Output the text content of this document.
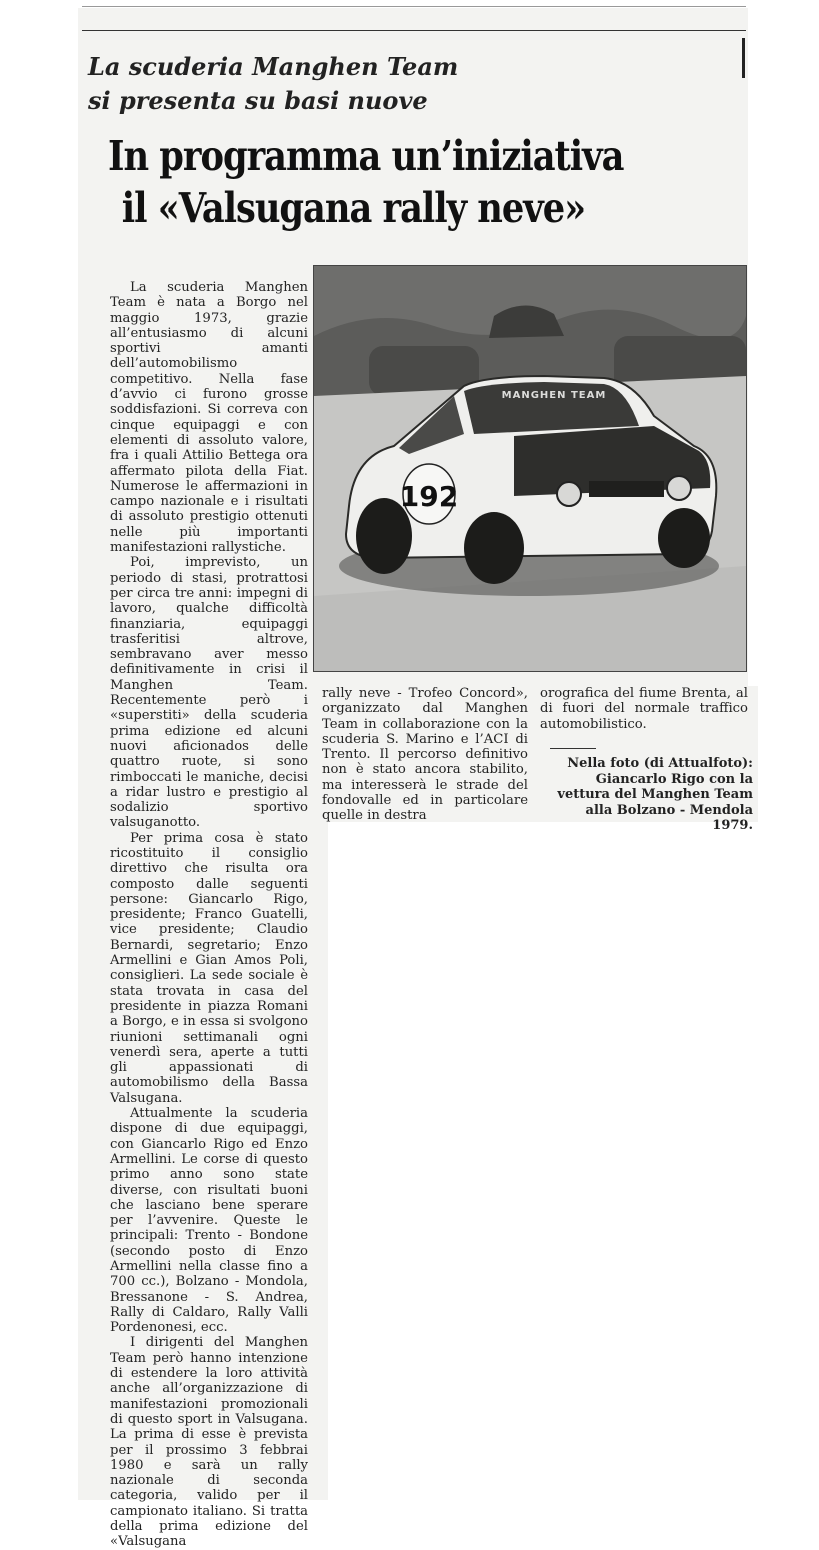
La scuderia Manghen Team
si presenta su basi nuove
In programma un’iniziativa
il «Valsugana rally neve»

La scuderia Manghen Team è nata a Borgo nel maggio 1973, grazie all’entusiasmo di alcuni sportivi amanti dell’automobilismo competitivo. Nella fase d’avvio ci furono grosse soddisfazioni. Si correva con cinque equipaggi e con elementi di assoluto valore, fra i quali Attilio Bettega ora affermato pilota della Fiat. Numerose le affermazioni in campo nazionale e i risultati di assoluto prestigio ottenuti nelle più importanti manifestazioni rallystiche.

Poi, imprevisto, un periodo di stasi, protrattosi per circa tre anni: impegni di lavoro, qualche difficoltà finanziaria, equipaggi trasferitisi altrove, sembravano aver messo definitivamente in crisi il Manghen Team. Recentemente però i «superstiti» della scuderia prima edizione ed alcuni nuovi aficionados delle quattro ruote, si sono rimboccati le maniche, decisi a ridar lustro e prestigio al sodalizio sportivo valsuganotto.

Per prima cosa è stato ricostituito il consiglio direttivo che risulta ora composto dalle seguenti persone: Giancarlo Rigo, presidente; Franco Guatelli, vice presidente; Claudio Bernardi, segretario; Enzo Armellini e Gian Amos Poli, consiglieri. La sede sociale è stata trovata in casa del presidente in piazza Romani a Borgo, e in essa si svolgono riunioni settimanali ogni venerdì sera, aperte a tutti gli appassionati di automobilismo della Bassa Valsugana.

Attualmente la scuderia dispone di due equipaggi, con Giancarlo Rigo ed Enzo Armellini. Le corse di questo primo anno sono state diverse, con risultati buoni che lasciano bene sperare per l’avvenire. Queste le principali: Trento - Bondone (secondo posto di Enzo Armellini nella classe fino a 700 cc.), Bolzano - Mondola, Bressanone - S. Andrea, Rally di Caldaro, Rally Valli Pordenonesi, ecc.

I dirigenti del Manghen Team però hanno intenzione di estendere la loro attività anche all’organizzazione di manifestazioni promozionali di questo sport in Valsugana. La prima di esse è prevista per il prossimo 3 febbrai 1980 e sarà un rally nazionale di seconda categoria, valido per il campionato italiano. Si tratta della prima edizione del «Valsugana

192
MANGHEN TEAM

rally neve - Trofeo Concord», organizzato dal Manghen Team in collaborazione con la scuderia S. Marino e l’ACI di Trento. Il percorso definitivo non è stato ancora stabilito, ma interesserà le strade del fondovalle ed in particolare quelle in destra

orografica del fiume Brenta, al di fuori del normale traffico automobilistico.

Nella foto (di Attualfoto): Giancarlo Rigo con la vettura del Manghen Team alla Bolzano - Mendola 1979.
